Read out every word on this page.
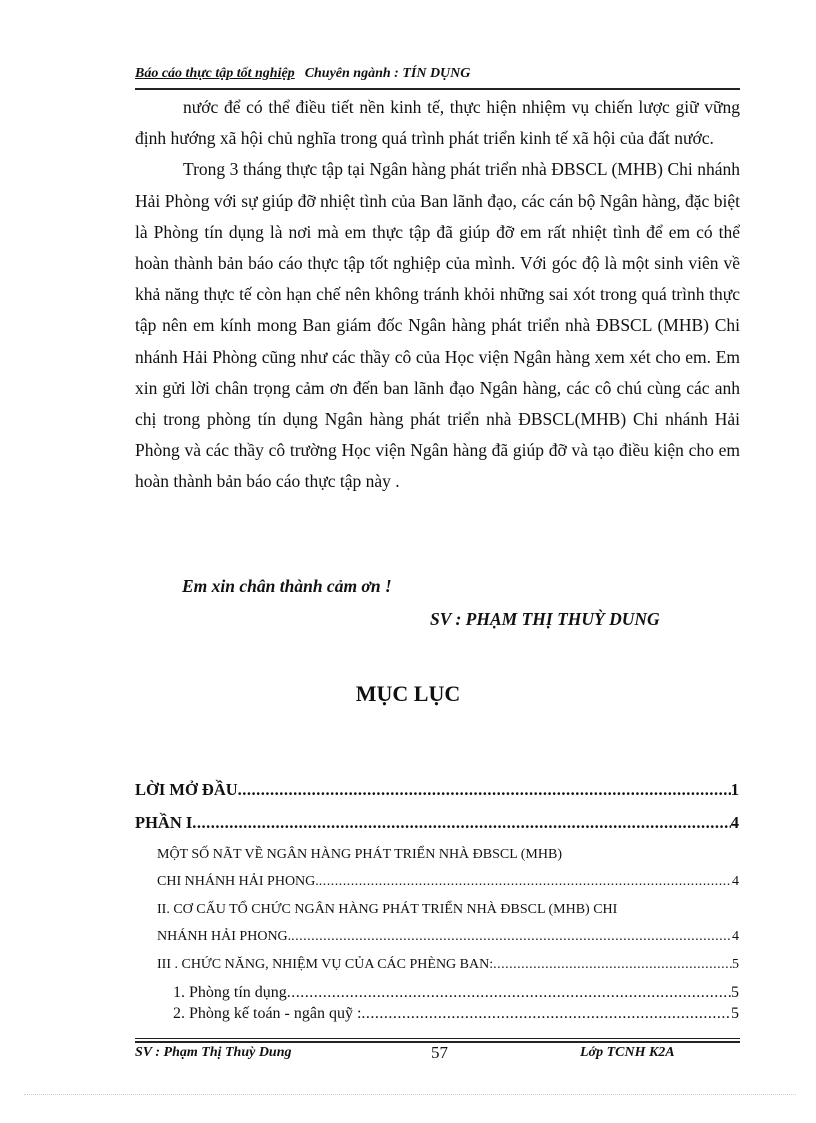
Báo cáo thực tập tốt nghiệp Chuyên ngành : TÍN DỤNG

nước để có thể điều tiết nền kinh tế, thực hiện nhiệm vụ chiến lược giữ vững định hướng xã hội chủ nghĩa trong quá trình phát triển kinh tế xã hội của đất nước.

Trong 3 tháng thực tập tại Ngân hàng phát triển nhà ĐBSCL (MHB) Chi nhánh Hải Phòng với sự giúp đỡ nhiệt tình của Ban lãnh đạo, các cán bộ Ngân hàng, đặc biệt là Phòng tín dụng là nơi mà em thực tập đã giúp đỡ em rất nhiệt tình để em có thể hoàn thành bản báo cáo thực tập tốt nghiệp của mình. Với góc độ là một sinh viên về khả năng thực tế còn hạn chế nên không tránh khỏi những sai xót trong quá trình thực tập nên em kính mong Ban giám đốc Ngân hàng phát triển nhà ĐBSCL (MHB) Chi nhánh Hải Phòng cũng như các thầy cô của Học viện Ngân hàng xem xét cho em. Em xin gửi lời chân trọng cảm ơn đến ban lãnh đạo Ngân hàng, các cô chú cùng các anh chị trong phòng tín dụng Ngân hàng phát triển nhà ĐBSCL(MHB) Chi nhánh Hải Phòng và các thầy cô trường Học viện Ngân hàng đã giúp đỡ và tạo điều kiện cho em hoàn thành bản báo cáo thực tập này .

Em xin chân thành cảm ơn !
SV : PHẠM THỊ THUỲ DUNG
MỤC LỤC
LỜI MỞ ĐẦU .....	1
PHẦN I .....	4
MỘT SỐ NÃT VỀ NGÂN HÀNG PHÁT TRIỂN NHÀ ĐBSCL (MHB)
CHI NHÁNH HẢI PHONG. .....	4
II. CƠ CẤU TỔ CHỨC NGÂN HÀNG PHÁT TRIỂN NHÀ ĐBSCL (MHB) CHI
NHÁNH HẢI PHONG. .....	4
III . CHỨC NĂNG, NHIỆM VỤ CỦA CÁC PHÈNG BAN: .....	5
1. Phòng tín dụng .....	5
2. Phòng kế toán - ngân quỹ : .....	5
SV : Phạm Thị Thuỳ Dung	57	Lớp TCNH K2A
